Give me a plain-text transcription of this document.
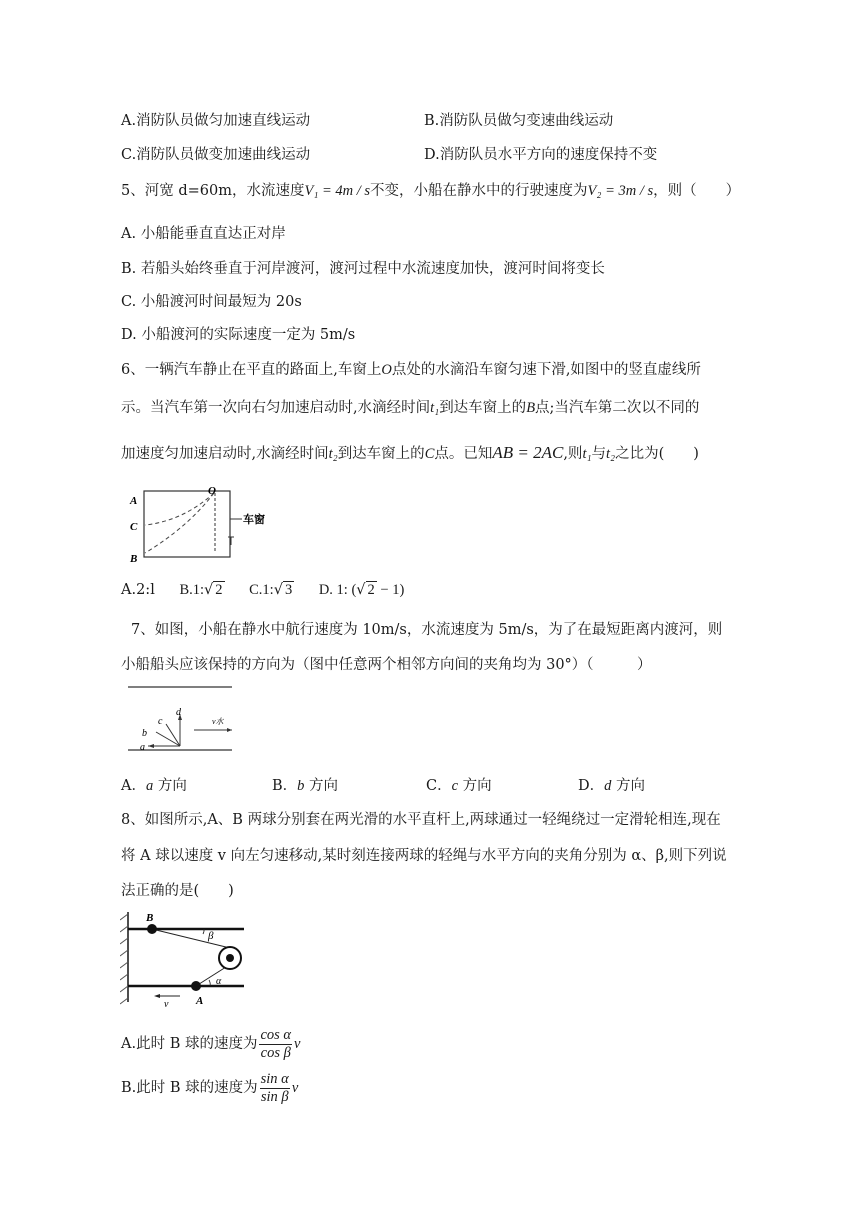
A.消防队员做匀加速直线运动	B.消防队员做匀变速曲线运动
C.消防队员做变加速曲线运动	D.消防队员水平方向的速度保持不变
5、河宽 d=60m，水流速度V₁ = 4m / s不变，小船在静水中的行驶速度为V₂ = 3m / s，则（　　）
A. 小船能垂直直达正对岸
B. 若船头始终垂直于河岸渡河，渡河过程中水流速度加快，渡河时间将变长
C. 小船渡河时间最短为 20s
D. 小船渡河的实际速度一定为 5m/s
6、一辆汽车静止在平直的路面上,车窗上O点处的水滴沿车窗匀速下滑,如图中的竖直虚线所
示。当汽车第一次向右匀加速启动时,水滴经时间t₁到达车窗上的B点;当汽车第二次以不同的
加速度匀加速启动时,水滴经时间t₂到达车窗上的C点。已知AB = 2AC,则t₁与t₂之比为(　　)
A
C
B
O
车窗
A.2:l B.1:√ 2 C.1:√ 3 D. 1: (√ 2 − 1)
7、如图，小船在静水中航行速度为 10m/s，水流速度为 5m/s，为了在最短距离内渡河，则
小船船头应该保持的方向为（图中任意两个相邻方向间的夹角均为 30°）（　　　）
a
b
c
d
v水
A．a 方向	B．b 方向	C．c 方向	D．d 方向
8、如图所示,A、B 两球分别套在两光滑的水平直杆上,两球通过一轻绳绕过一定滑轮相连,现在
将 A 球以速度 v 向左匀速移动,某时刻连接两球的轻绳与水平方向的夹角分别为 α、β,则下列说
法正确的是(　　)
B
A
β
α
v
A.此时 B 球的速度为 $\frac{\text{cos α}}{\text{cos β}}$ v
B.此时 B 球的速度为 $\frac{\text{sin α}}{\text{sin β}}$ v
